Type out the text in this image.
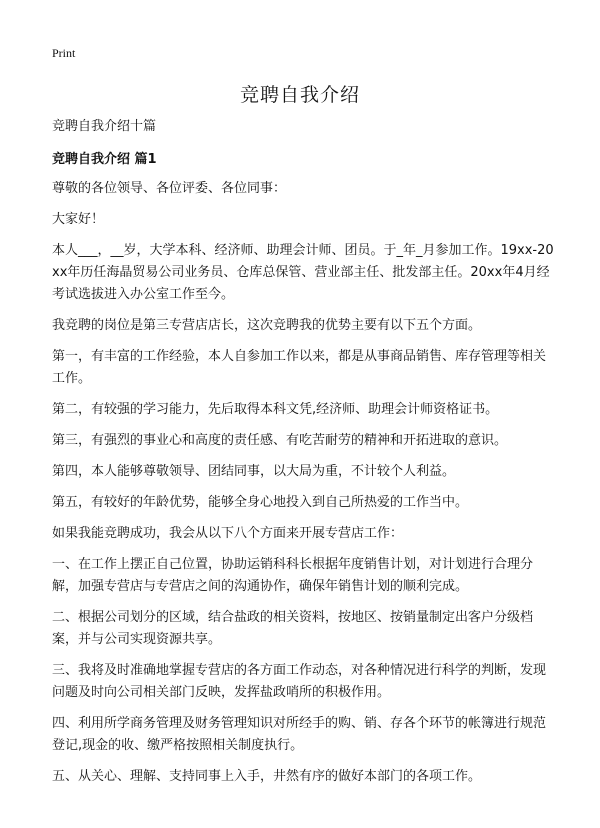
Print
竞聘自我介绍

竞聘自我介绍十篇

竞聘自我介绍 篇1

尊敬的各位领导、各位评委、各位同事：

大家好！

本人___，__岁，大学本科、经济师、助理会计师、团员。于_年_月参加工作。19xx-20xx年历任海晶贸易公司业务员、仓库总保管、营业部主任、批发部主任。20xx年4月经考试选拔进入办公室工作至今。

我竞聘的岗位是第三专营店店长，这次竞聘我的优势主要有以下五个方面。

第一，有丰富的工作经验，本人自参加工作以来，都是从事商品销售、库存管理等相关工作。

第二，有较强的学习能力，先后取得本科文凭,经济师、助理会计师资格证书。

第三，有强烈的事业心和高度的责任感、有吃苦耐劳的精神和开拓进取的意识。

第四，本人能够尊敬领导、团结同事，以大局为重，不计较个人利益。

第五，有较好的年龄优势，能够全身心地投入到自己所热爱的工作当中。

如果我能竞聘成功，我会从以下八个方面来开展专营店工作：

一、在工作上摆正自己位置，协助运销科科长根据年度销售计划，对计划进行合理分解，加强专营店与专营店之间的沟通协作，确保年销售计划的顺利完成。

二、根据公司划分的区域，结合盐政的相关资料，按地区、按销量制定出客户分级档案，并与公司实现资源共享。

三、我将及时准确地掌握专营店的各方面工作动态，对各种情况进行科学的判断，发现问题及时向公司相关部门反映，发挥盐政哨所的积极作用。

四、利用所学商务管理及财务管理知识对所经手的购、销、存各个环节的帐簿进行规范登记,现金的收、缴严格按照相关制度执行。

五、从关心、理解、支持同事上入手，井然有序的做好本部门的各项工作。
